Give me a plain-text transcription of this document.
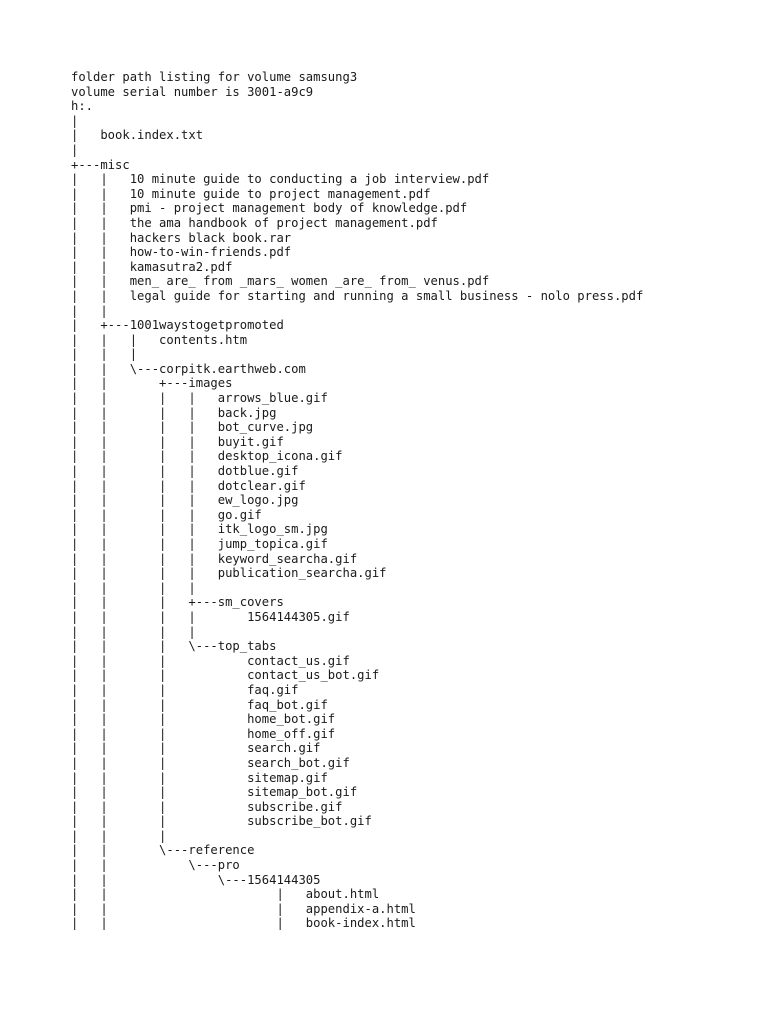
folder path listing for volume samsung3
volume serial number is 3001-a9c9
h:.
|
|   book.index.txt
|
+---misc
|   |   10 minute guide to conducting a job interview.pdf
|   |   10 minute guide to project management.pdf
|   |   pmi - project management body of knowledge.pdf
|   |   the ama handbook of project management.pdf
|   |   hackers black book.rar
|   |   how-to-win-friends.pdf
|   |   kamasutra2.pdf
|   |   men_ are_ from _mars_ women _are_ from_ venus.pdf
|   |   legal guide for starting and running a small business - nolo press.pdf
|   |
|   +---1001waystogetpromoted
|   |   |   contents.htm
|   |   |
|   |   \---corpitk.earthweb.com
|   |       +---images
|   |       |   |   arrows_blue.gif
|   |       |   |   back.jpg
|   |       |   |   bot_curve.jpg
|   |       |   |   buyit.gif
|   |       |   |   desktop_icona.gif
|   |       |   |   dotblue.gif
|   |       |   |   dotclear.gif
|   |       |   |   ew_logo.jpg
|   |       |   |   go.gif
|   |       |   |   itk_logo_sm.jpg
|   |       |   |   jump_topica.gif
|   |       |   |   keyword_searcha.gif
|   |       |   |   publication_searcha.gif
|   |       |   |
|   |       |   +---sm_covers
|   |       |   |       1564144305.gif
|   |       |   |
|   |       |   \---top_tabs
|   |       |           contact_us.gif
|   |       |           contact_us_bot.gif
|   |       |           faq.gif
|   |       |           faq_bot.gif
|   |       |           home_bot.gif
|   |       |           home_off.gif
|   |       |           search.gif
|   |       |           search_bot.gif
|   |       |           sitemap.gif
|   |       |           sitemap_bot.gif
|   |       |           subscribe.gif
|   |       |           subscribe_bot.gif
|   |       |
|   |       \---reference
|   |           \---pro
|   |               \---1564144305
|   |                       |   about.html
|   |                       |   appendix-a.html
|   |                       |   book-index.html
